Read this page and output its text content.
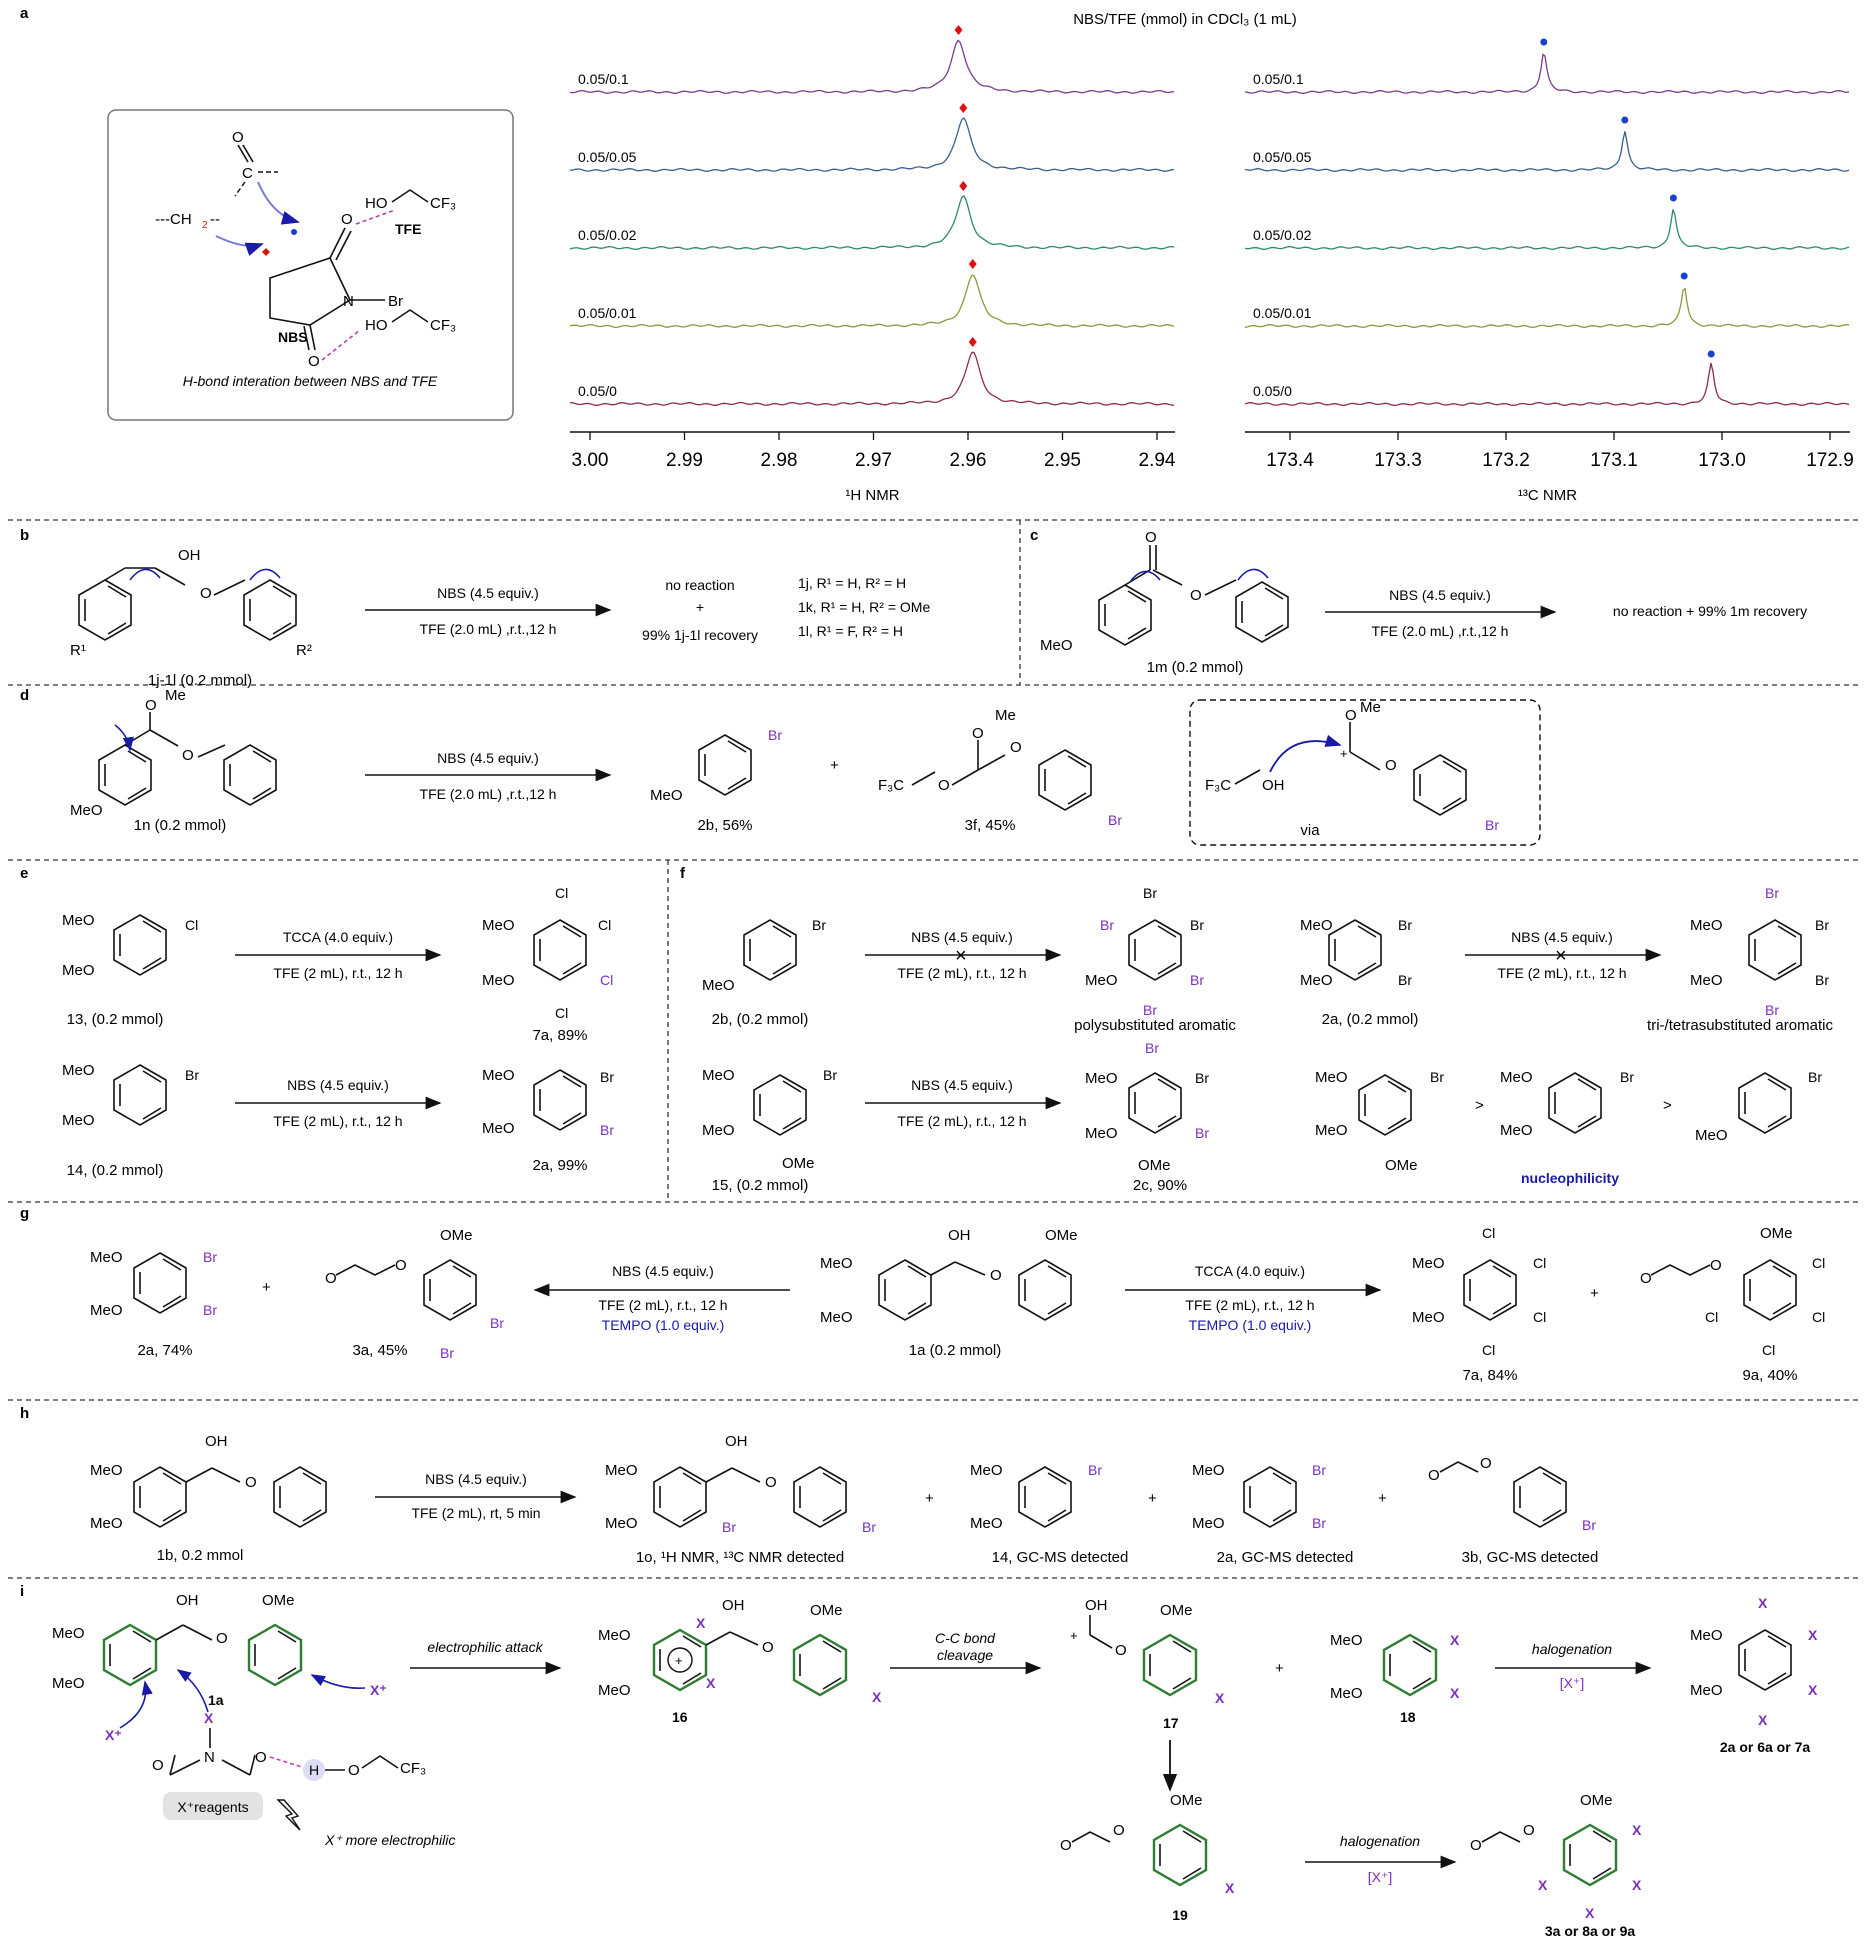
a	NBS/TFE (mmol) in CDCl₃ (1 mL)
O
O
N Br
C
O
---CH 2 --
HO	CF₃
TFE
HO	CF₃
NBS
H-bond interation between NBS and TFE
3.00	2.99	2.98	2.97	2.96	2.95	2.94
¹H NMR
0.05/0.1
0.05/0.05
0.05/0.02
0.05/0.01
0.05/0
173.4	173.3	173.2	173.1	173.0	172.9
¹³C NMR
0.05/0.1
0.05/0.05
0.05/0.02
0.05/0.01
0.05/0
b
OH
O
R¹	R²
1j-1l (0.2 mmol)
NBS (4.5 equiv.)
TFE (2.0 mL) ,r.t.,12 h
no reaction
+
99% 1j-1l recovery
1j, R¹ = H, R² = H
1k, R¹ = H, R² = OMe
1l, R¹ = F, R² = H
c	O
O
MeO
1m (0.2 mmol)
NBS (4.5 equiv.)
TFE (2.0 mL) ,r.t.,12 h
no reaction + 99% 1m recovery
d
O
Me
O
MeO
1n (0.2 mmol)
NBS (4.5 equiv.)
TFE (2.0 mL) ,r.t.,12 h
Br
MeO
2b, 56%
+
F₃C O
O
Me
O
Br
3f, 45%
F₃C OH
+
O Me
O
Br
via
e
MeO
MeO
Cl
13, (0.2 mmol)
TCCA (4.0 equiv.)
TFE (2 mL), r.t., 12 h
Cl
Cl
Cl
Cl
MeO
MeO
7a, 89%
MeO
MeO
Br
14, (0.2 mmol)
NBS (4.5 equiv.)
TFE (2 mL), r.t., 12 h
Br
Br
MeO
MeO
2a, 99%
f
Br
MeO
2b, (0.2 mmol)
×
NBS (4.5 equiv.)
TFE (2 mL), r.t., 12 h
Br
Br	Br
Br
Br
MeO
polysubstituted aromatic
MeO
MeO
Br
Br
2a, (0.2 mmol)
×
NBS (4.5 equiv.)
TFE (2 mL), r.t., 12 h
Br
Br
Br
Br
MeO
MeO
tri-/tetrasubstituted aromatic
MeO
MeO
OMe
Br
15, (0.2 mmol)
NBS (4.5 equiv.)
TFE (2 mL), r.t., 12 h
Br
Br
Br
MeO
MeO
OMe
2c, 90%
MeO
MeO
OMe
Br
>
MeO
MeO
Br
>
Br
MeO
nucleophilicity
g
MeO
MeO
Br
Br
2a, 74%
+
O
O
OMe
Br
Br
3a, 45%
NBS (4.5 equiv.)
TFE (2 mL), r.t., 12 h
TEMPO (1.0 equiv.)
MeO
MeO
OH
O
OMe
1a (0.2 mmol)
TCCA (4.0 equiv.)
TFE (2 mL), r.t., 12 h
TEMPO (1.0 equiv.)
Cl
Cl
Cl
Cl
MeO
MeO
7a, 84%
+
O
O
OMe
Cl
Cl
Cl
Cl
9a, 40%
h
MeO
MeO
OH
O
1b, 0.2 mmol
NBS (4.5 equiv.)
TFE (2 mL), rt, 5 min
MeO
MeO	Br
OH
O
Br
1o, ¹H NMR, ¹³C NMR detected
+
MeO
MeO
Br
14, GC-MS detected
+
MeO
MeO
Br
Br
2a, GC-MS detected
+
O
O
Br
3b, GC-MS detected
i
MeO
MeO
OH
O
OMe
X⁺
X⁺
X
1a
N
O	O
H O	CF₃
X⁺reagents
X⁺ more electrophilic
electrophilic attack
+
MeO
MeO
X
X
OH
O
OMe
X
16
C-C bond
cleavage
OH
+
O
OMe
X
17
+
MeO
MeO
X
X
18
halogenation
[X⁺]
X
X
X
X
MeO
MeO
2a or 6a or 7a
O
O
OMe
X
19
halogenation
[X⁺]
O
O
OMe
X
X
X
X
3a or 8a or 9a
